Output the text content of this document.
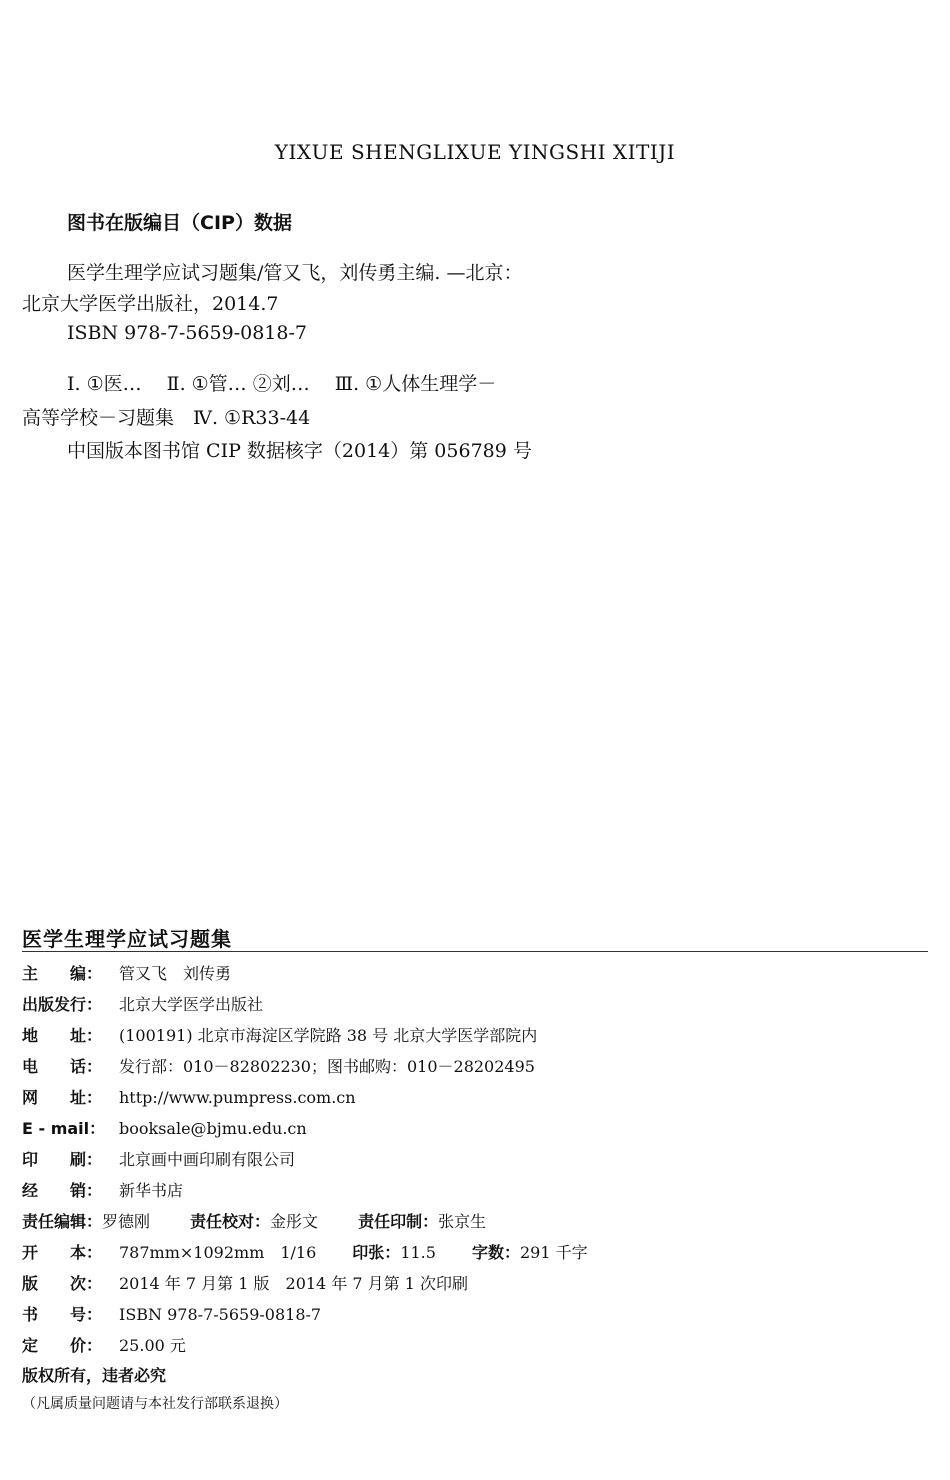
YIXUE SHENGLIXUE YINGSHI XITIJI
图书在版编目（CIP）数据
医学生理学应试习题集/管又飞，刘传勇主编. —北京：
北京大学医学出版社，2014.7
ISBN 978-7-5659-0818-7
Ⅰ. ①医…　 Ⅱ. ①管… ②刘…　 Ⅲ. ①人体生理学－
高等学校－习题集　Ⅳ. ①R33-44
中国版本图书馆 CIP 数据核字（2014）第 056789 号
医学生理学应试习题集
主　　编： 管又飞　刘传勇
出版发行： 北京大学医学出版社
地　　址： (100191) 北京市海淀区学院路 38 号 北京大学医学部院内
电　　话： 发行部：010－82802230；图书邮购：010－28202495
网　　址： http://www.pumpress.com.cn
E - mail： booksale@bjmu.edu.cn
印　　刷： 北京画中画印刷有限公司
经　　销： 新华书店
责任编辑：罗德刚	责任校对：金彤文	责任印制：张京生
开　　本： 787mm×1092mm　1/16 印张：11.5 字数：291 千字
版　　次： 2014 年 7 月第 1 版　2014 年 7 月第 1 次印刷
书　　号： ISBN 978-7-5659-0818-7
定　　价： 25.00 元
版权所有，违者必究
（凡属质量问题请与本社发行部联系退换）
